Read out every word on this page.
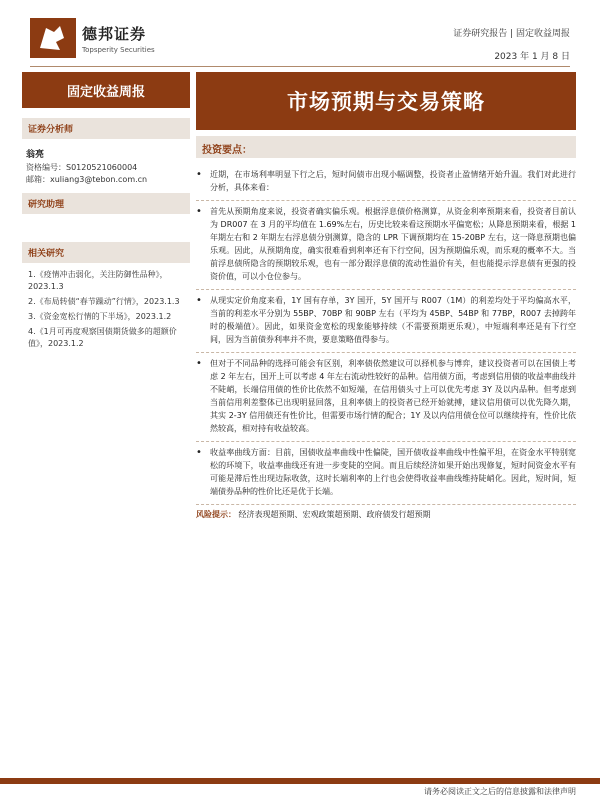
德邦证券
Topsperity Securities
证券研究报告 | 固定收益周报
2023 年 1 月 8 日
固定收益周报	市场预期与交易策略
证券分析师
翁亮
资格编号：S0120521060004
邮箱：xuliang3@tebon.com.cn
研究助理
相关研究
1.《疫情冲击弱化，关注防御性品种》，2023.1.3
2.《布局转债“春节躁动”行情》，2023.1.3
3.《资金宽松行情的下半场》，2023.1.2
4.《1月可再度观察国债期货做多的超额价值》，2023.1.2
投资要点：
•	近期，在市场利率明显下行之后，短时间债市出现小幅调整，投资者止盈情绪开始升温。我们对此进行分析，具体来看：
•	首先从预期角度来说，投资者确实偏乐观。根据浮息债价格测算，从资金利率预期来看，投资者目前认为 DR007 在 3 月的平均值在 1.69%左右，历史比较来看这预期水平偏宽松；从降息预期来看，根据 1 年期左右和 2 年期左右浮息债分别测算，隐含的 LPR 下调预期均在 15-20BP 左右，这一降息预期也偏乐观。因此，从预期角度，确实很难看到利率还有下行空间，因为预期偏乐观，而乐观的概率不大。当前浮息债所隐含的预期较乐观，也有一部分跟浮息债的流动性溢价有关，但也能提示浮息债有更强的投资价值，可以小仓位参与。
•	从现实定价角度来看，1Y 国有存单，3Y 国开，5Y 国开与 R007（1M）的利差均处于平均偏高水平，当前的利差水平分别为 55BP、70BP 和 90BP 左右（平均为 45BP、54BP 和 77BP，R007 去掉跨年时的极端值）。因此，如果资金宽松的现象能够持续（不需要预期更乐观），中短端利率还是有下行空间，因为当前债券利率并不贵，要息策略值得参与。
•	但对于不同品种的选择可能会有区别，利率债依然建议可以择机参与博弈，建议投资者可以在国债上考虑 2 年左右，国开上可以考虑 4 年左右流动性较好的品种。信用债方面，考虑到信用债的收益率曲线并不陡峭，长端信用债的性价比依然不如短端，在信用债头寸上可以优先考虑 3Y 及以内品种。但考虑到当前信用利差整体已出现明显回落，且利率债上的投资者已经开始就搏，建议信用债可以优先降久期，其实 2-3Y 信用债还有性价比，但需要市场行情的配合；1Y 及以内信用债仓位可以继续持有，性价比依然较高，相对持有收益较高。
•	收益率曲线方面：目前，国债收益率曲线中性偏陡，国开债收益率曲线中性偏平坦，在资金水平特别宽松的环境下，收益率曲线还有进一步变陡的空间。而且后续经济如果开始出现修复，短时间资金水平有可能是滞后性出现边际收敛，这时长端利率的上行也会使得收益率曲线维持陡峭化。因此，短时间，短端债券品种的性价比还是优于长端。
风险提示： 经济表现超预期、宏观政策超预期、政府债发行超预期
请务必阅读正文之后的信息披露和法律声明
